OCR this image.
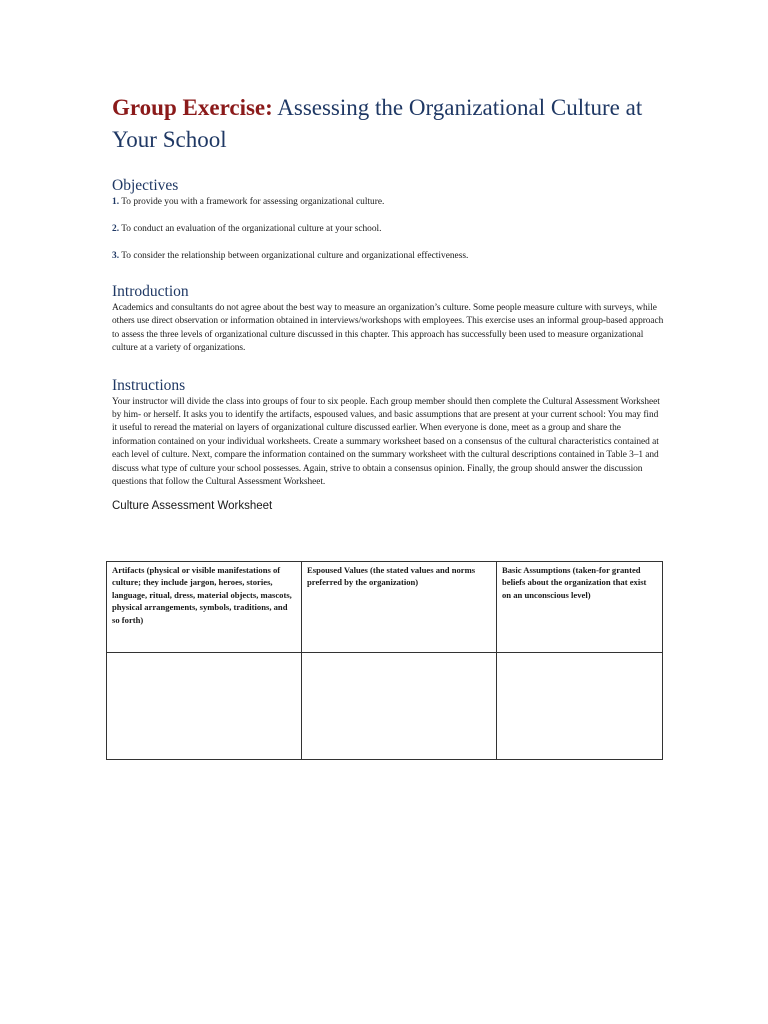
Group Exercise: Assessing the Organizational Culture at Your School
Objectives

1. To provide you with a framework for assessing organizational culture.

2. To conduct an evaluation of the organizational culture at your school.

3. To consider the relationship between organizational culture and organizational effectiveness.

Introduction

Academics and consultants do not agree about the best way to measure an organization’s culture. Some people measure culture with surveys, while others use direct observation or information obtained in interviews/workshops with employees. This exercise uses an informal group-based approach to assess the three levels of organizational culture discussed in this chapter. This approach has successfully been used to measure organizational culture at a variety of organizations.

Instructions

Your instructor will divide the class into groups of four to six people. Each group member should then complete the Cultural Assessment Worksheet by him- or herself. It asks you to identify the artifacts, espoused values, and basic assumptions that are present at your current school: You may find it useful to reread the material on layers of organizational culture discussed earlier. When everyone is done, meet as a group and share the information contained on your individual worksheets. Create a summary worksheet based on a consensus of the cultural characteristics contained at each level of culture. Next, compare the information contained on the summary worksheet with the cultural descriptions contained in Table 3–1 and discuss what type of culture your school possesses. Again, strive to obtain a consensus opinion. Finally, the group should answer the discussion questions that follow the Cultural Assessment Worksheet.

Culture Assessment Worksheet

Artifacts (physical or visible manifestations of culture; they include jargon, heroes, stories, language, ritual, dress, material objects, mascots, physical arrangements, symbols, traditions, and so forth)	Espoused Values (the stated values and norms preferred by the organization)	Basic Assumptions (taken-for granted beliefs about the organization that exist on an unconscious level)
